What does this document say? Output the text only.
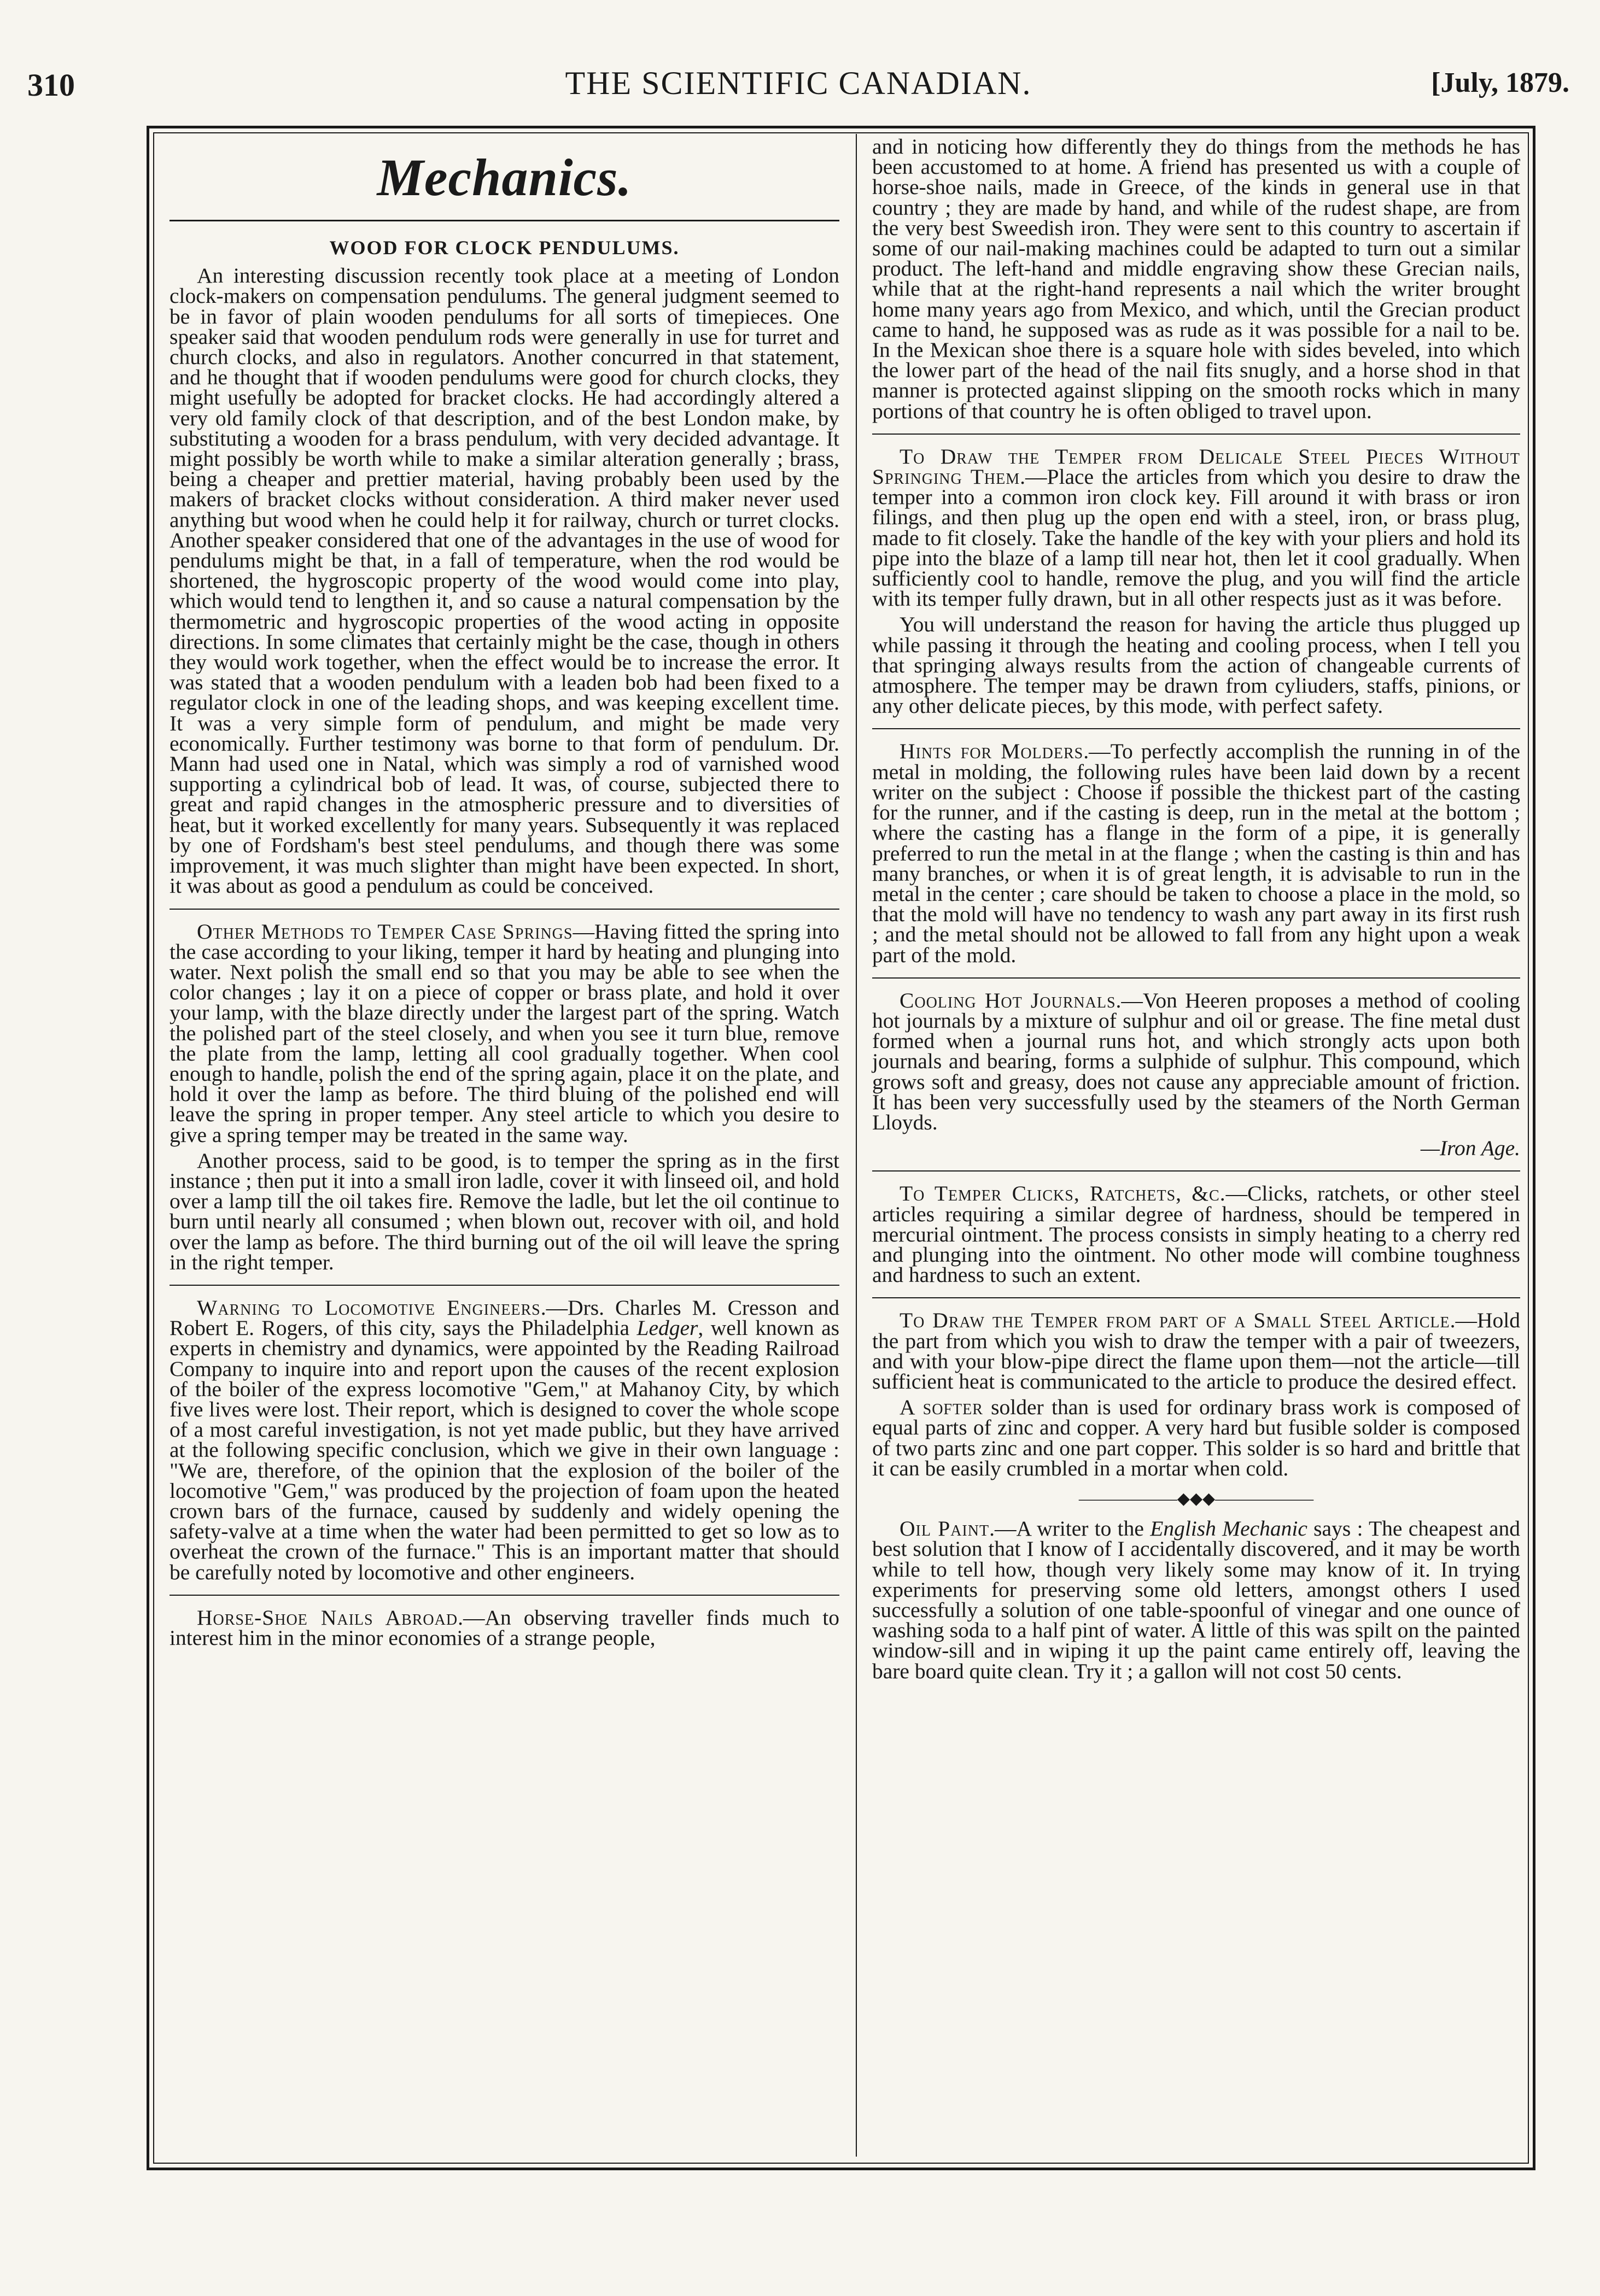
310	THE SCIENTIFIC CANADIAN.	[July, 1879.
Mechanics.
WOOD FOR CLOCK PENDULUMS.

An interesting discussion recently took place at a meeting of London clock-makers on compensation pendulums. The general judgment seemed to be in favor of plain wooden pendulums for all sorts of timepieces. One speaker said that wooden pendulum rods were generally in use for turret and church clocks, and also in regulators. Another concurred in that statement, and he thought that if wooden pendulums were good for church clocks, they might usefully be adopted for bracket clocks. He had accordingly altered a very old family clock of that description, and of the best London make, by substituting a wooden for a brass pendulum, with very decided advantage. It might possibly be worth while to make a similar alteration generally ; brass, being a cheaper and prettier material, having probably been used by the makers of bracket clocks without consideration. A third maker never used anything but wood when he could help it for railway, church or turret clocks. Another speaker considered that one of the advantages in the use of wood for pendulums might be that, in a fall of temperature, when the rod would be shortened, the hygroscopic property of the wood would come into play, which would tend to lengthen it, and so cause a natural compensation by the thermometric and hygroscopic properties of the wood acting in opposite directions. In some climates that certainly might be the case, though in others they would work together, when the effect would be to increase the error. It was stated that a wooden pendulum with a leaden bob had been fixed to a regulator clock in one of the leading shops, and was keeping excellent time. It was a very simple form of pendulum, and might be made very economically. Further testimony was borne to that form of pendulum. Dr. Mann had used one in Natal, which was simply a rod of varnished wood supporting a cylindrical bob of lead. It was, of course, subjected there to great and rapid changes in the atmospheric pressure and to diversities of heat, but it worked excellently for many years. Subsequently it was replaced by one of Fordsham's best steel pendulums, and though there was some improvement, it was much slighter than might have been expected. In short, it was about as good a pendulum as could be conceived.

Other Methods to Temper Case Springs—Having fitted the spring into the case according to your liking, temper it hard by heating and plunging into water. Next polish the small end so that you may be able to see when the color changes ; lay it on a piece of copper or brass plate, and hold it over your lamp, with the blaze directly under the largest part of the spring. Watch the polished part of the steel closely, and when you see it turn blue, remove the plate from the lamp, letting all cool gradually together. When cool enough to handle, polish the end of the spring again, place it on the plate, and hold it over the lamp as before. The third bluing of the polished end will leave the spring in proper temper. Any steel article to which you desire to give a spring temper may be treated in the same way.

Another process, said to be good, is to temper the spring as in the first instance ; then put it into a small iron ladle, cover it with linseed oil, and hold over a lamp till the oil takes fire. Remove the ladle, but let the oil continue to burn until nearly all consumed ; when blown out, recover with oil, and hold over the lamp as before. The third burning out of the oil will leave the spring in the right temper.

Warning to Locomotive Engineers.—Drs. Charles M. Cresson and Robert E. Rogers, of this city, says the Philadelphia Ledger, well known as experts in chemistry and dynamics, were appointed by the Reading Railroad Company to inquire into and report upon the causes of the recent explosion of the boiler of the express locomotive "Gem," at Mahanoy City, by which five lives were lost. Their report, which is designed to cover the whole scope of a most careful investigation, is not yet made public, but they have arrived at the following specific conclusion, which we give in their own language : "We are, therefore, of the opinion that the explosion of the boiler of the locomotive "Gem," was produced by the projection of foam upon the heated crown bars of the furnace, caused by suddenly and widely opening the safety-valve at a time when the water had been permitted to get so low as to overheat the crown of the furnace." This is an important matter that should be carefully noted by locomotive and other engineers.

Horse-Shoe Nails Abroad.—An observing traveller finds much to interest him in the minor economies of a strange people,

and in noticing how differently they do things from the methods he has been accustomed to at home. A friend has presented us with a couple of horse-shoe nails, made in Greece, of the kinds in general use in that country ; they are made by hand, and while of the rudest shape, are from the very best Sweedish iron. They were sent to this country to ascertain if some of our nail-making machines could be adapted to turn out a similar product. The left-hand and middle engraving show these Grecian nails, while that at the right-hand represents a nail which the writer brought home many years ago from Mexico, and which, until the Grecian product came to hand, he supposed was as rude as it was possible for a nail to be. In the Mexican shoe there is a square hole with sides beveled, into which the lower part of the head of the nail fits snugly, and a horse shod in that manner is protected against slipping on the smooth rocks which in many portions of that country he is often obliged to travel upon.

To Draw the Temper from Delicale Steel Pieces Without Springing Them.—Place the articles from which you desire to draw the temper into a common iron clock key. Fill around it with brass or iron filings, and then plug up the open end with a steel, iron, or brass plug, made to fit closely. Take the handle of the key with your pliers and hold its pipe into the blaze of a lamp till near hot, then let it cool gradually. When sufficiently cool to handle, remove the plug, and you will find the article with its temper fully drawn, but in all other respects just as it was before.

You will understand the reason for having the article thus plugged up while passing it through the heating and cooling process, when I tell you that springing always results from the action of changeable currents of atmosphere. The temper may be drawn from cyliuders, staffs, pinions, or any other delicate pieces, by this mode, with perfect safety.

Hints for Molders.—To perfectly accomplish the running in of the metal in molding, the following rules have been laid down by a recent writer on the subject : Choose if possible the thickest part of the casting for the runner, and if the casting is deep, run in the metal at the bottom ; where the casting has a flange in the form of a pipe, it is generally preferred to run the metal in at the flange ; when the casting is thin and has many branches, or when it is of great length, it is advisable to run in the metal in the center ; care should be taken to choose a place in the mold, so that the mold will have no tendency to wash any part away in its first rush ; and the metal should not be allowed to fall from any hight upon a weak part of the mold.

Cooling Hot Journals.—Von Heeren proposes a method of cooling hot journals by a mixture of sulphur and oil or grease. The fine metal dust formed when a journal runs hot, and which strongly acts upon both journals and bearing, forms a sulphide of sulphur. This compound, which grows soft and greasy, does not cause any appreciable amount of friction. It has been very successfully used by the steamers of the North German Lloyds.

—Iron Age.

To Temper Clicks, Ratchets, &c.—Clicks, ratchets, or other steel articles requiring a similar degree of hardness, should be tempered in mercurial ointment. The process consists in simply heating to a cherry red and plunging into the ointment. No other mode will combine toughness and hardness to such an extent.

To Draw the Temper from part of a Small Steel Article.—Hold the part from which you wish to draw the temper with a pair of tweezers, and with your blow-pipe direct the flame upon them—not the article—till sufficient heat is communicated to the article to produce the desired effect.

A softer solder than is used for ordinary brass work is composed of equal parts of zinc and copper. A very hard but fusible solder is composed of two parts zinc and one part copper. This solder is so hard and brittle that it can be easily crumbled in a mortar when cold.

——————◆◆◆——————

Oil Paint.—A writer to the English Mechanic says : The cheapest and best solution that I know of I accidentally discovered, and it may be worth while to tell how, though very likely some may know of it. In trying experiments for preserving some old letters, amongst others I used successfully a solution of one table-spoonful of vinegar and one ounce of washing soda to a half pint of water. A little of this was spilt on the painted window-sill and in wiping it up the paint came entirely off, leaving the bare board quite clean. Try it ; a gallon will not cost 50 cents.
